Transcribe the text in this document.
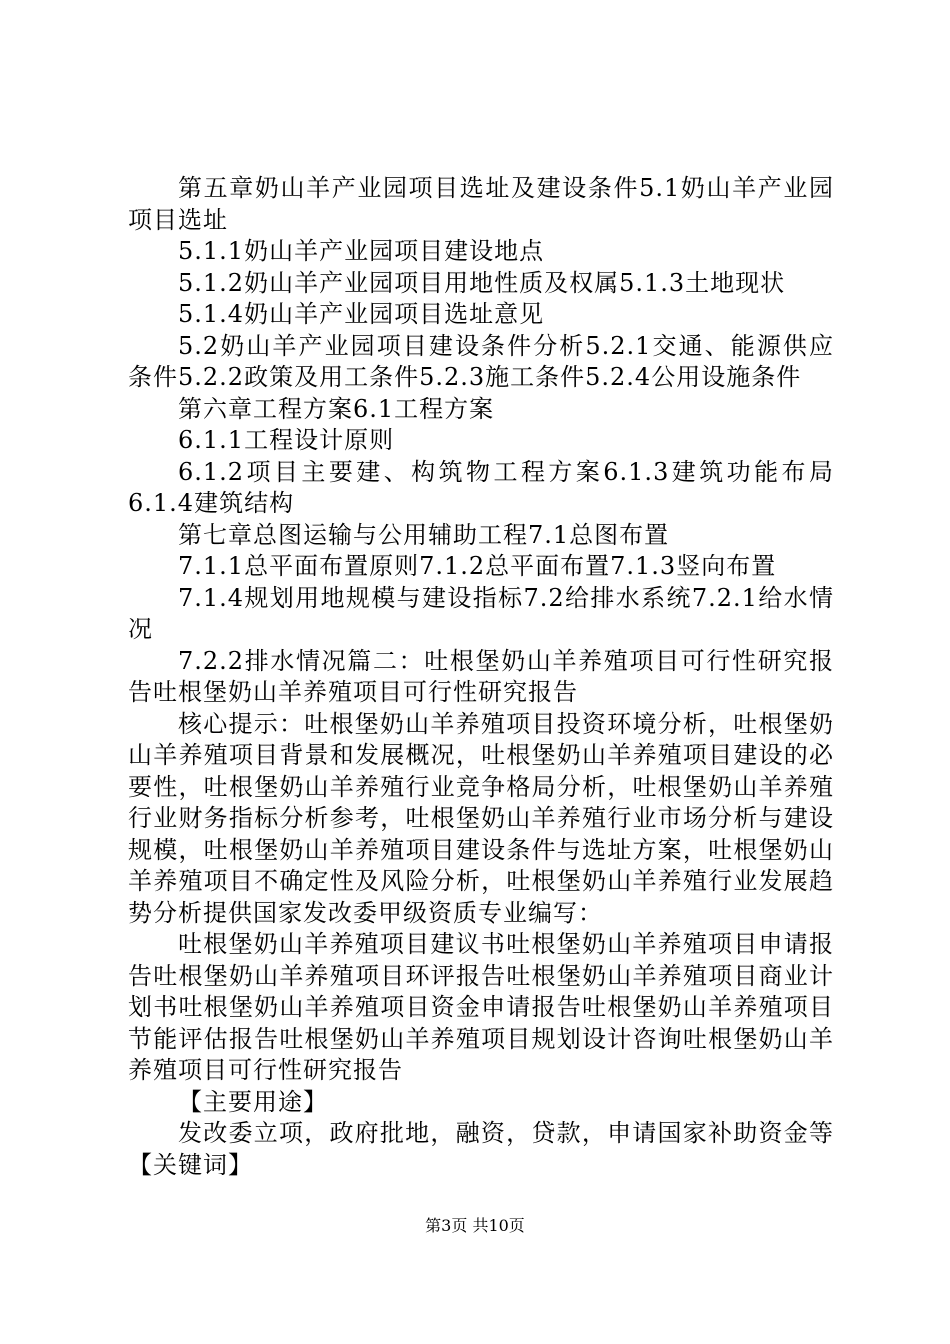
第五章奶山羊产业园项目选址及建设条件5.1奶山羊产业园项目选址

5.1.1奶山羊产业园项目建设地点

5.1.2奶山羊产业园项目用地性质及权属5.1.3土地现状

5.1.4奶山羊产业园项目选址意见

5.2奶山羊产业园项目建设条件分析5.2.1交通、能源供应条件5.2.2政策及用工条件5.2.3施工条件5.2.4公用设施条件

第六章工程方案6.1工程方案

6.1.1工程设计原则

6.1.2项目主要建、构筑物工程方案6.1.3建筑功能布局6.1.4建筑结构

第七章总图运输与公用辅助工程7.1总图布置

7.1.1总平面布置原则7.1.2总平面布置7.1.3竖向布置

7.1.4规划用地规模与建设指标7.2给排水系统7.2.1给水情况

7.2.2排水情况篇二：吐根堡奶山羊养殖项目可行性研究报告吐根堡奶山羊养殖项目可行性研究报告

核心提示：吐根堡奶山羊养殖项目投资环境分析，吐根堡奶山羊养殖项目背景和发展概况，吐根堡奶山羊养殖项目建设的必要性，吐根堡奶山羊养殖行业竞争格局分析，吐根堡奶山羊养殖行业财务指标分析参考，吐根堡奶山羊养殖行业市场分析与建设规模，吐根堡奶山羊养殖项目建设条件与选址方案，吐根堡奶山羊养殖项目不确定性及风险分析，吐根堡奶山羊养殖行业发展趋势分析提供国家发改委甲级资质专业编写：

吐根堡奶山羊养殖项目建议书吐根堡奶山羊养殖项目申请报告吐根堡奶山羊养殖项目环评报告吐根堡奶山羊养殖项目商业计划书吐根堡奶山羊养殖项目资金申请报告吐根堡奶山羊养殖项目节能评估报告吐根堡奶山羊养殖项目规划设计咨询吐根堡奶山羊养殖项目可行性研究报告

【主要用途】

发改委立项，政府批地，融资，贷款，申请国家补助资金等【关键词】

第3页 共10页
